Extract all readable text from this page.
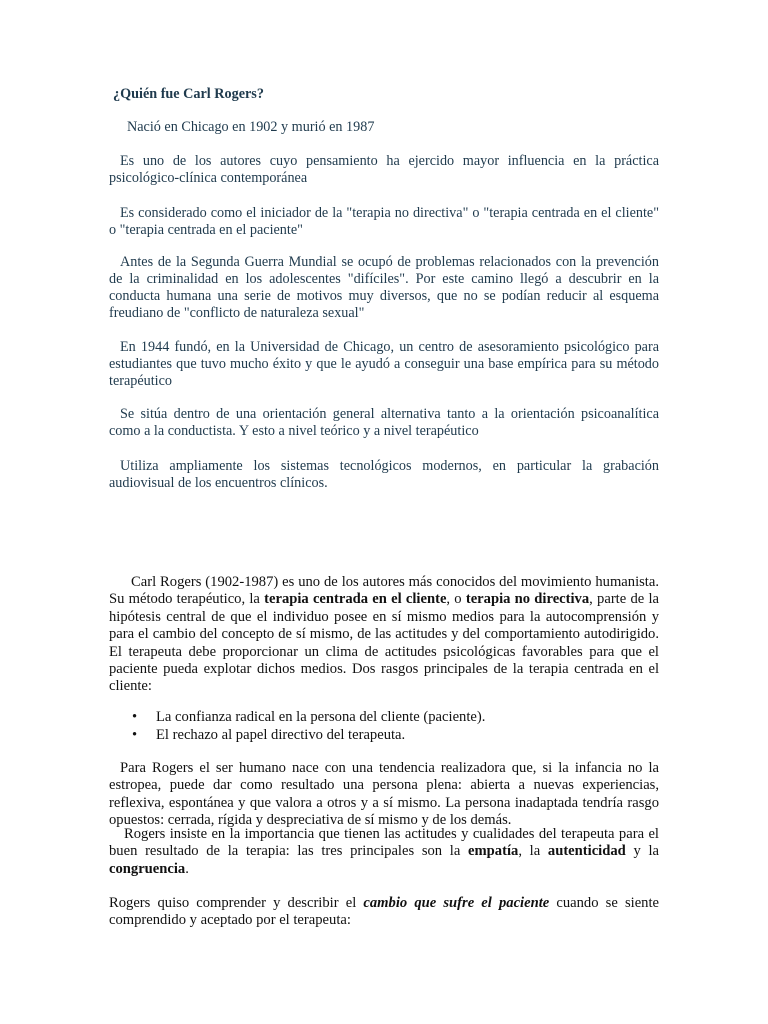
¿Quién fue Carl Rogers?
Nació en Chicago en 1902 y murió en 1987
Es uno de los autores cuyo pensamiento ha ejercido mayor influencia en la práctica psicológico-clínica contemporánea
Es considerado como el iniciador de la "terapia no directiva" o "terapia centrada en el cliente" o "terapia centrada en el paciente"
Antes de la Segunda Guerra Mundial se ocupó de problemas relacionados con la prevención de la criminalidad en los adolescentes "difíciles". Por este camino llegó a descubrir en la conducta humana una serie de motivos muy diversos, que no se podían reducir al esquema freudiano de "conflicto de naturaleza sexual"
En 1944 fundó, en la Universidad de Chicago, un centro de asesoramiento psicológico para estudiantes que tuvo mucho éxito y que le ayudó a conseguir una base empírica para su método terapéutico
Se sitúa dentro de una orientación general alternativa tanto a la orientación psicoanalítica como a la conductista. Y esto a nivel teórico y a nivel terapéutico
Utiliza ampliamente los sistemas tecnológicos modernos, en particular la grabación audiovisual de los encuentros clínicos.
Carl Rogers (1902-1987) es uno de los autores más conocidos del movimiento humanista. Su método terapéutico, la terapia centrada en el cliente, o terapia no directiva, parte de la hipótesis central de que el individuo posee en sí mismo medios para la autocomprensión y para el cambio del concepto de sí mismo, de las actitudes y del comportamiento autodirigido. El terapeuta debe proporcionar un clima de actitudes psicológicas favorables para que el paciente pueda explotar dichos medios. Dos rasgos principales de la terapia centrada en el cliente:
• La confianza radical en la persona del cliente (paciente).
• El rechazo al papel directivo del terapeuta.
Para Rogers el ser humano nace con una tendencia realizadora que, si la infancia no la estropea, puede dar como resultado una persona plena: abierta a nuevas experiencias, reflexiva, espontánea y que valora a otros y a sí mismo. La persona inadaptada tendría rasgo opuestos: cerrada, rígida y despreciativa de sí mismo y de los demás.
Rogers insiste en la importancia que tienen las actitudes y cualidades del terapeuta para el buen resultado de la terapia: las tres principales son la empatía, la autenticidad y la congruencia.
Rogers quiso comprender y describir el cambio que sufre el paciente cuando se siente comprendido y aceptado por el terapeuta:
